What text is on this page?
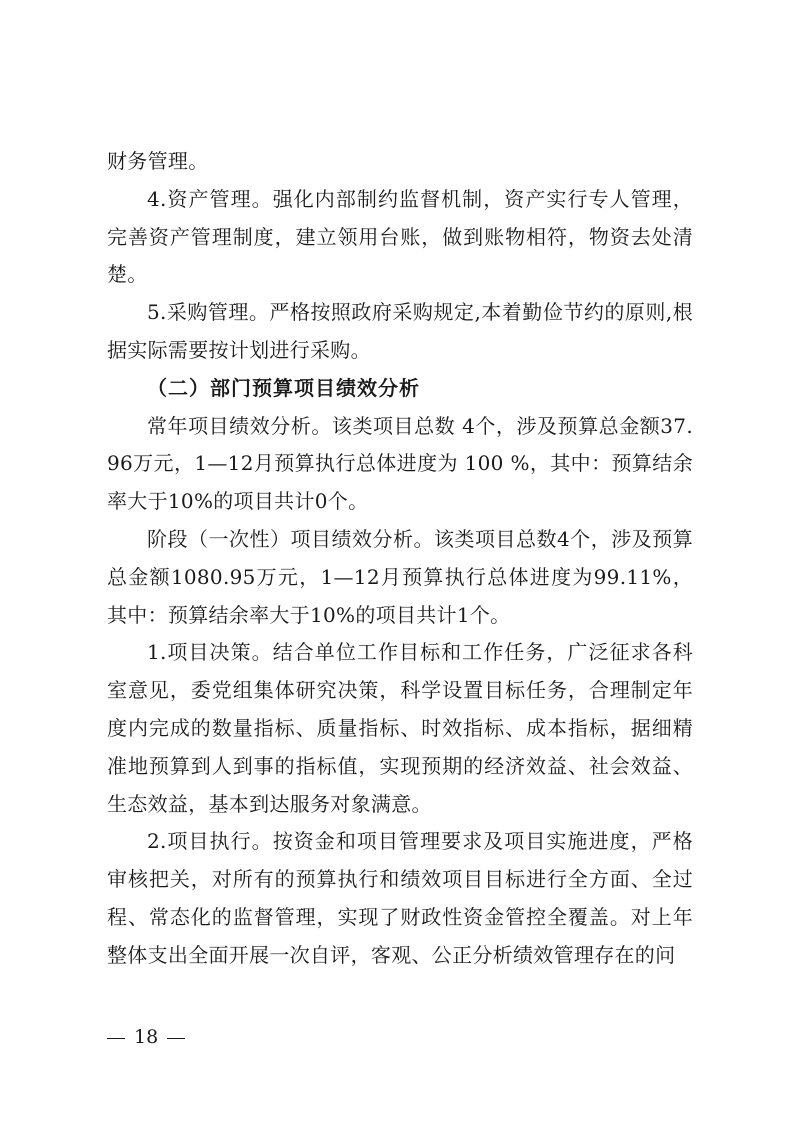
财务管理。

4.资产管理。强化内部制约监督机制，资产实行专人管理，完善资产管理制度，建立领用台账，做到账物相符，物资去处清楚。

5.采购管理。严格按照政府采购规定,本着勤俭节约的原则,根据实际需要按计划进行采购。

（二）部门预算项目绩效分析

常年项目绩效分析。该类项目总数 4个，涉及预算总金额37.96万元，1—12月预算执行总体进度为 100 %，其中：预算结余率大于10%的项目共计0个。

阶段（一次性）项目绩效分析。该类项目总数4个，涉及预算总金额1080.95万元，1—12月预算执行总体进度为99.11%，其中：预算结余率大于10%的项目共计1个。

1.项目决策。结合单位工作目标和工作任务，广泛征求各科室意见，委党组集体研究决策，科学设置目标任务，合理制定年度内完成的数量指标、质量指标、时效指标、成本指标，据细精准地预算到人到事的指标值，实现预期的经济效益、社会效益、生态效益，基本到达服务对象满意。

2.项目执行。按资金和项目管理要求及项目实施进度，严格审核把关，对所有的预算执行和绩效项目目标进行全方面、全过程、常态化的监督管理，实现了财政性资金管控全覆盖。对上年整体支出全面开展一次自评，客观、公正分析绩效管理存在的问

18
